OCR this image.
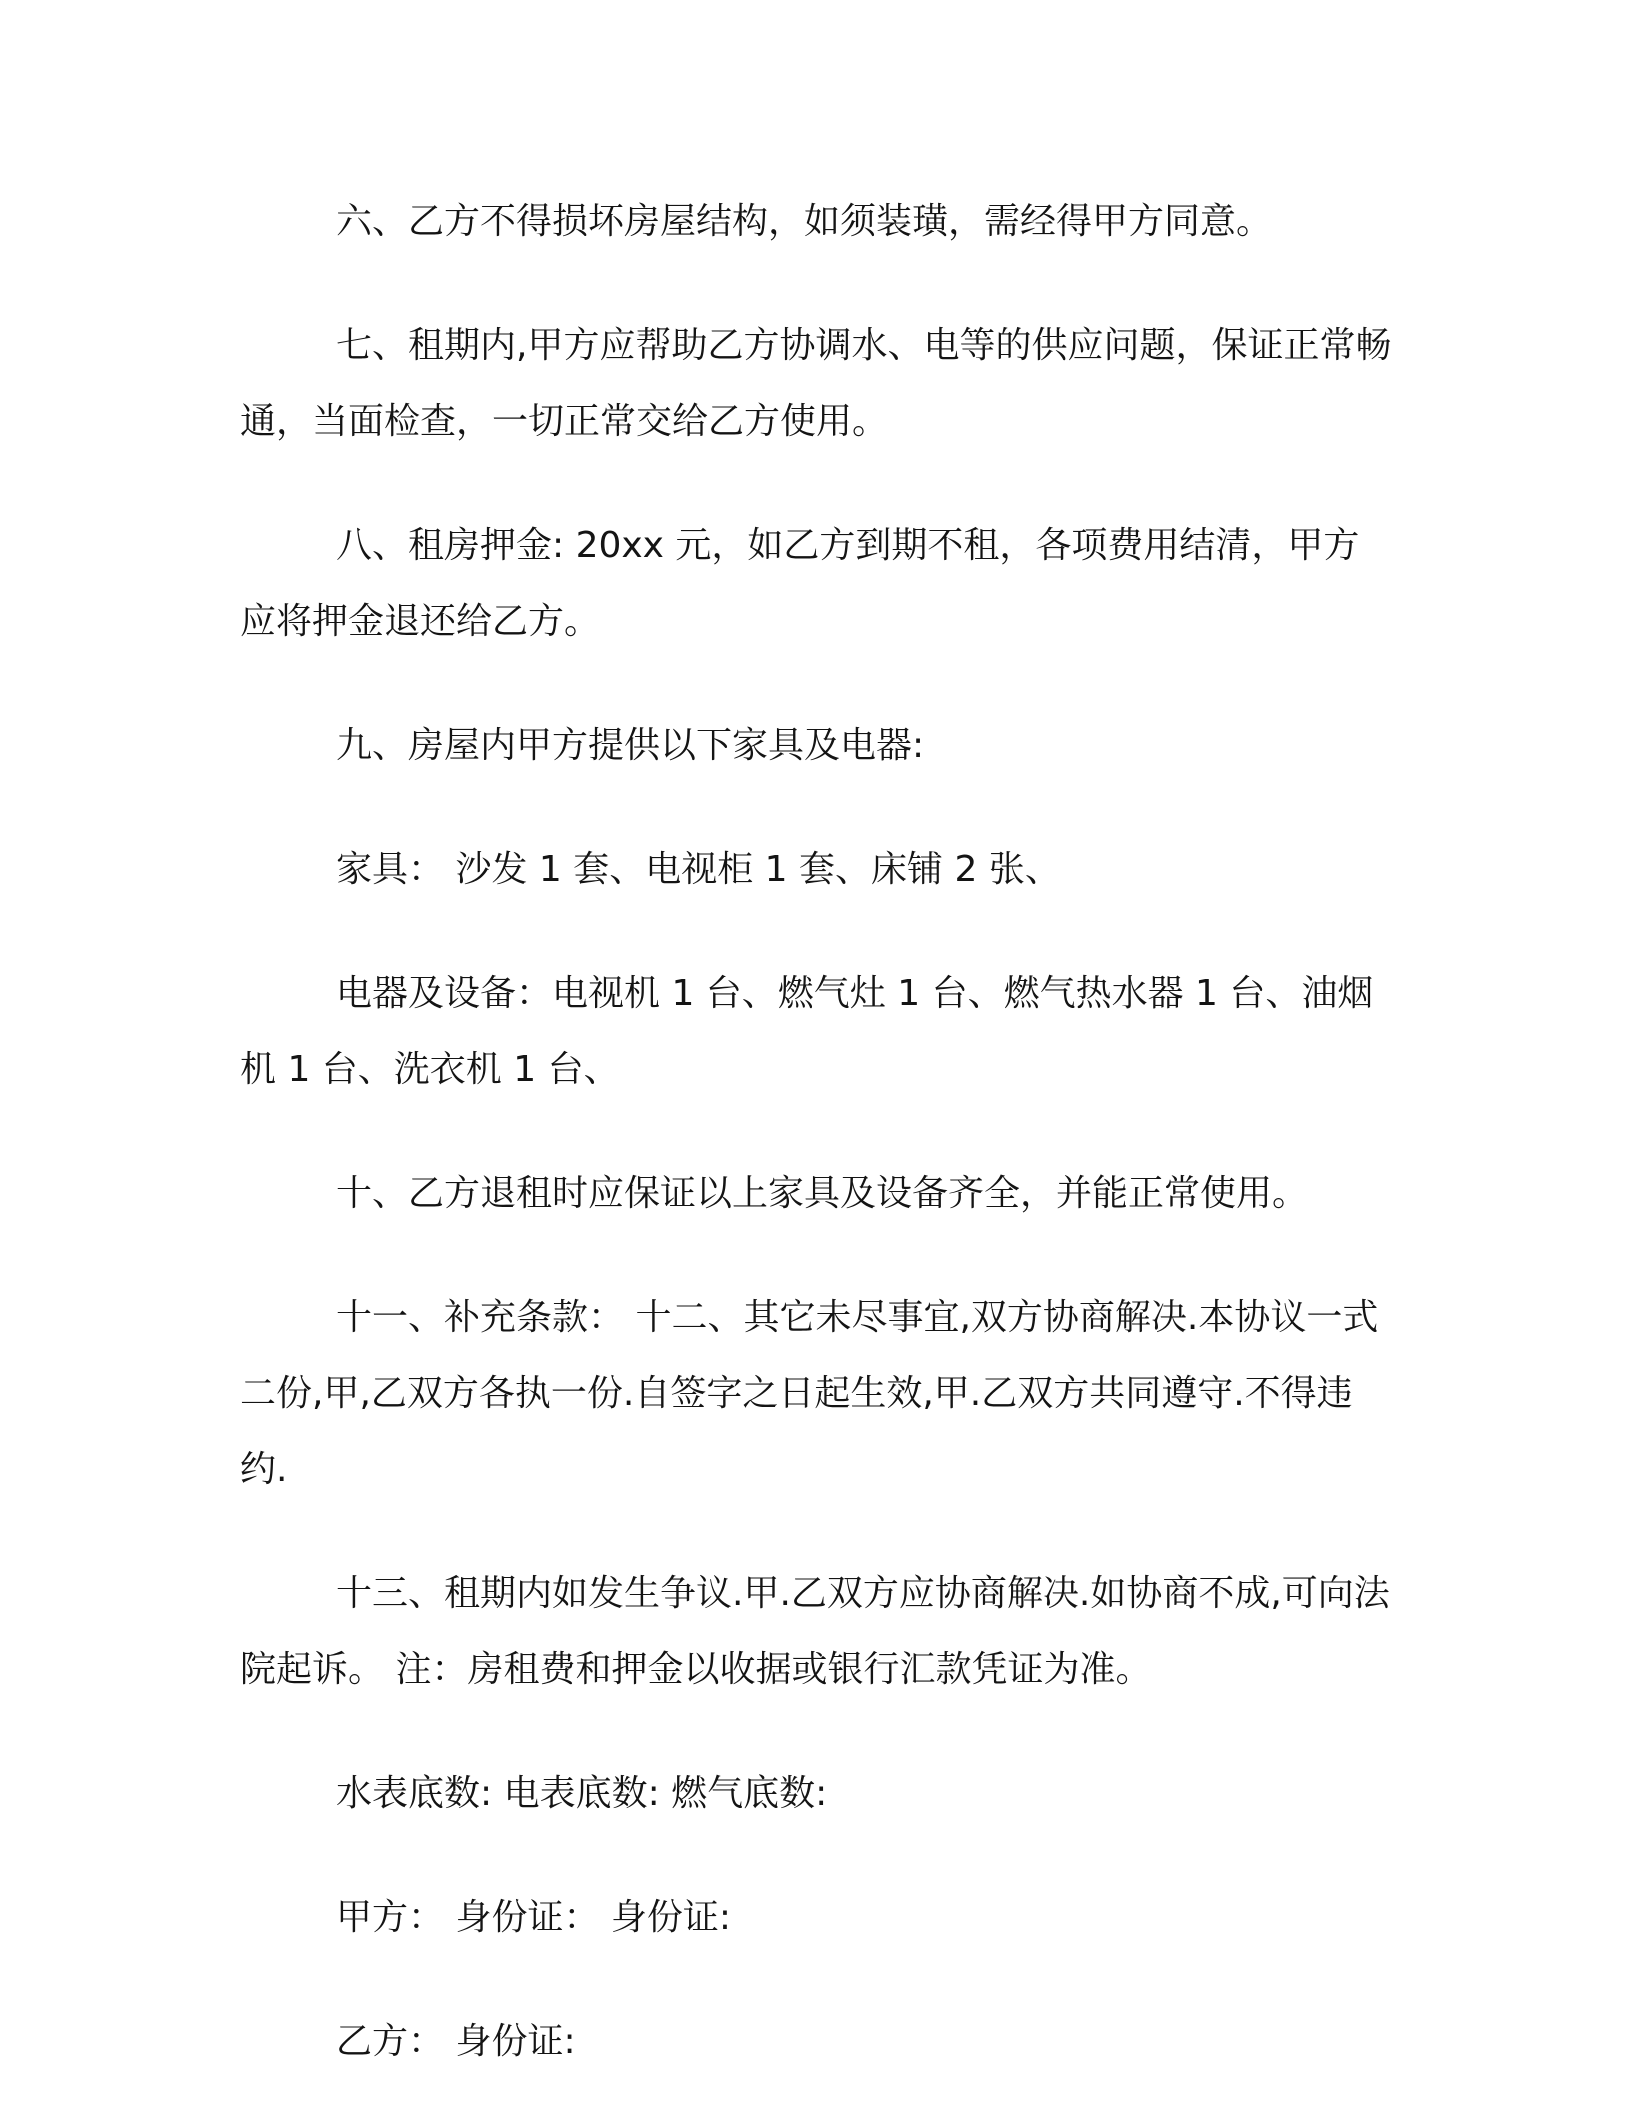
六、乙方不得损坏房屋结构，如须装璜，需经得甲方同意。

七、租期内,甲方应帮助乙方协调水、电等的供应问题，保证正常畅通，当面检查，一切正常交给乙方使用。

八、租房押金: 20xx 元，如乙方到期不租，各项费用结清，甲方应将押金退还给乙方。

九、房屋内甲方提供以下家具及电器:

家具： 沙发 1 套、电视柜 1 套、床铺 2 张、

电器及设备：电视机 1 台、燃气灶 1 台、燃气热水器 1 台、油烟机 1 台、洗衣机 1 台、

十、乙方退租时应保证以上家具及设备齐全，并能正常使用。

十一、补充条款： 十二、其它未尽事宜,双方协商解决.本协议一式二份,甲,乙双方各执一份.自签字之日起生效,甲.乙双方共同遵守.不得违约.

十三、租期内如发生争议.甲.乙双方应协商解决.如协商不成,可向法院起诉。 注：房租费和押金以收据或银行汇款凭证为准。

水表底数: 电表底数: 燃气底数:

甲方： 身份证： 身份证:

乙方： 身份证:
